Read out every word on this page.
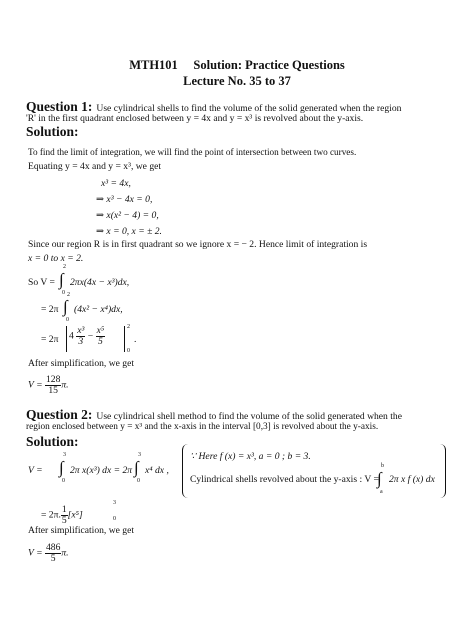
MTH101 Solution: Practice Questions
Lecture No. 35 to 37
Question 1: Use cylindrical shells to find the volume of the solid generated when the region
'R' in the first quadrant enclosed between y = 4x and y = x³ is revolved about the y-axis.
Solution:
To find the limit of integration, we will find the point of intersection between two curves.
Equating y = 4x and y = x³, we get
x³ = 4x,
⇒ x³ − 4x = 0,
⇒ x(x² − 4) = 0,
⇒ x = 0, x = ± 2.
Since our region R is in first quadrant so we ignore x = − 2. Hence limit of integration is
x = 0 to x = 2.
So V =
2
∫
0
2πx(4x − x³)dx,
= 2π
2
∫
0
(4x² − x⁴)dx,
= 2π $4 \frac{\text{x³}}{3} - \frac{\text{x⁵}}{5}$	2
0
.
After simplification, we get
$V = \frac{128}{15} \pi$.
Question 2: Use cylindrical shell method to find the volume of the solid generated when the
region enclosed between y = x³ and the x-axis in the interval [0,3] is revolved about the y-axis.
Solution:
V =
3
∫
0
2π x(x³) dx = 2π
3
∫
0
x⁴ dx ,
∵ Here f (x) = x³, a = 0 ; b = 3.
Cylindrical shells revolved about the y-axis : V =
b
∫
a
2π x f (x) dx
= 2π. $\frac{1}{5} [x^5]$
3
0
After simplification, we get
$V = \frac{486}{5} \pi$.
